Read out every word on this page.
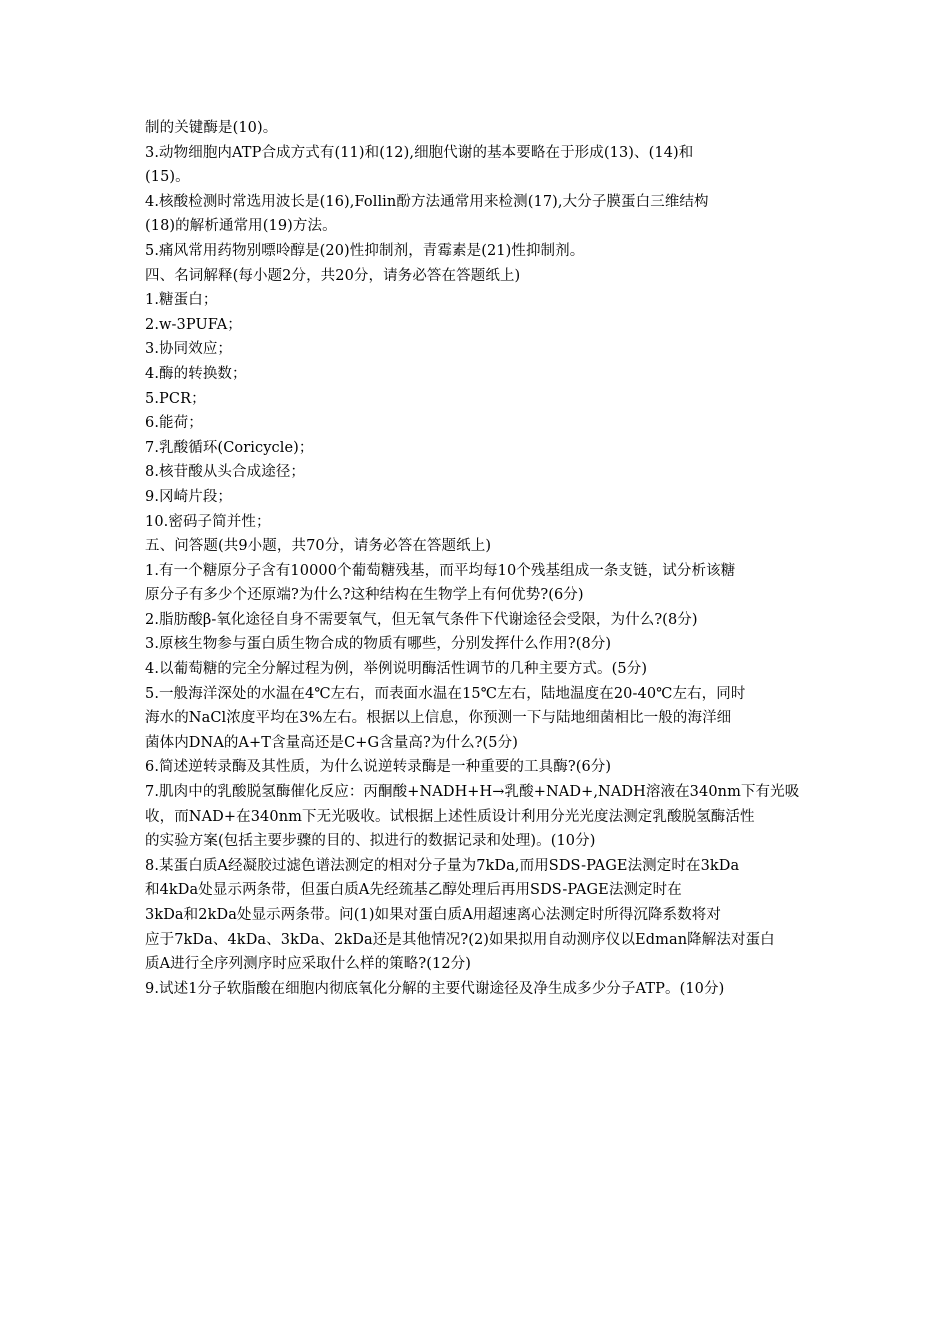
制的关键酶是(10)。
3.动物细胞内ATP合成方式有(11)和(12),细胞代谢的基本要略在于形成(13)、(14)和
(15)。
4.核酸检测时常选用波长是(16),Follin酚方法通常用来检测(17),大分子膜蛋白三维结构
(18)的解析通常用(19)方法。
5.痛风常用药物别嘌呤醇是(20)性抑制剂，青霉素是(21)性抑制剂。
四、名词解释(每小题2分，共20分，请务必答在答题纸上)
1.糖蛋白；
2.w-3PUFA；
3.协同效应；
4.酶的转换数；
5.PCR；
6.能荷；
7.乳酸循环(Coricycle)；
8.核苷酸从头合成途径；
9.冈崎片段；
10.密码子简并性；
五、问答题(共9小题，共70分，请务必答在答题纸上)
1.有一个糖原分子含有10000个葡萄糖残基，而平均每10个残基组成一条支链，试分析该糖
原分子有多少个还原端?为什么?这种结构在生物学上有何优势?(6分)
2.脂肪酸β-氧化途径自身不需要氧气，但无氧气条件下代谢途径会受限，为什么?(8分)
3.原核生物参与蛋白质生物合成的物质有哪些，分别发挥什么作用?(8分)
4.以葡萄糖的完全分解过程为例，举例说明酶活性调节的几种主要方式。(5分)
5.一般海洋深处的水温在4℃左右，而表面水温在15℃左右，陆地温度在20-40℃左右，同时
海水的NaCl浓度平均在3%左右。根据以上信息，你预测一下与陆地细菌相比一般的海洋细
菌体内DNA的A+T含量高还是C+G含量高?为什么?(5分)
6.简述逆转录酶及其性质，为什么说逆转录酶是一种重要的工具酶?(6分)
7.肌肉中的乳酸脱氢酶催化反应：丙酮酸+NADH+H→乳酸+NAD+,NADH溶液在340nm下有光吸
收，而NAD+在340nm下无光吸收。试根据上述性质设计利用分光光度法测定乳酸脱氢酶活性
的实验方案(包括主要步骤的目的、拟进行的数据记录和处理)。(10分)
8.某蛋白质A经凝胶过滤色谱法测定的相对分子量为7kDa,而用SDS-PAGE法测定时在3kDa
和4kDa处显示两条带，但蛋白质A先经巯基乙醇处理后再用SDS-PAGE法测定时在
3kDa和2kDa处显示两条带。问(1)如果对蛋白质A用超速离心法测定时所得沉降系数将对
应于7kDa、4kDa、3kDa、2kDa还是其他情况?(2)如果拟用自动测序仪以Edman降解法对蛋白
质A进行全序列测序时应采取什么样的策略?(12分)
9.试述1分子软脂酸在细胞内彻底氧化分解的主要代谢途径及净生成多少分子ATP。(10分)
